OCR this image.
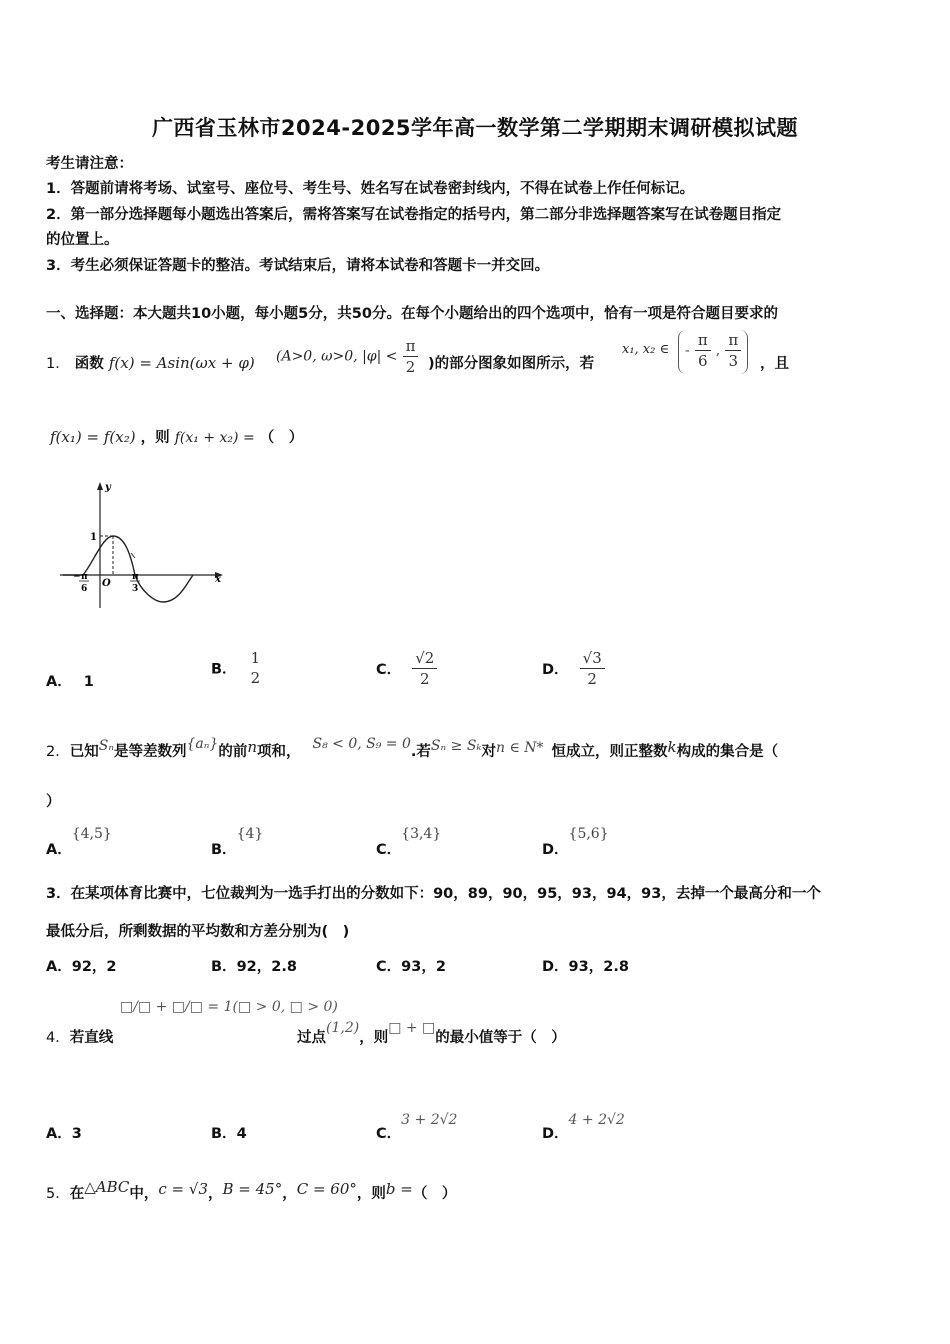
广西省玉林市2024-2025学年高一数学第二学期期末调研模拟试题
考生请注意：
1．答题前请将考场、试室号、座位号、考生号、姓名写在试卷密封线内，不得在试卷上作任何标记。
2．第一部分选择题每小题选出答案后，需将答案写在试卷指定的括号内，第二部分非选择题答案写在试卷题目指定
的位置上。
3．考生必须保证答题卡的整洁。考试结束后，请将本试卷和答题卡一并交回。
一、选择题：本大题共10小题，每小题5分，共50分。在每个小题给出的四个选项中，恰有一项是符合题目要求的
1． 函数 f(x) = Asin(ωx + φ) (A>0, ω>0, $|\varphi| < \frac{\pi}{2}$ )的部分图象如图所示，若
x₁, x₂ ∈	- $\frac{\pi}{6}$ , $\frac{\pi}{3}$ ，且
f(x₁) = f(x₂) ，则 f(x₁ + x₂) = （　）
y
x
1
O
− π
6
π
3
A． 1
B．
1
2	C． $\frac{√2}{2}$	D． $\frac{√3}{2}$
2．已知Sₙ是等差数列{aₙ}的前n项和， S₈ < 0, S₉ = 0.若Sₙ ≥ Sₖ对n ∈ N* 恒成立，则正整数k构成的集合是（
）
A．{4,5}
B．{4}
C．{3,4}
D．{5,6}
3．在某项体育比赛中，七位裁判为一选手打出的分数如下：90，89，90，95，93，94，93，去掉一个最高分和一个
最低分后，所剩数据的平均数和方差分别为(　)
A．92，2	B．92，2.8	C．93，2	D．93，2.8
□/□ + □/□ = 1(□ > 0, □ > 0)
4．若直线	过点(1,2)，则□ + □的最小值等于（　）
A．3	B．4	C．3 + 2√2
D．4 + 2√2
5．在△ABC中，c = √3，B = 45°，C = 60°，则b =（　）
